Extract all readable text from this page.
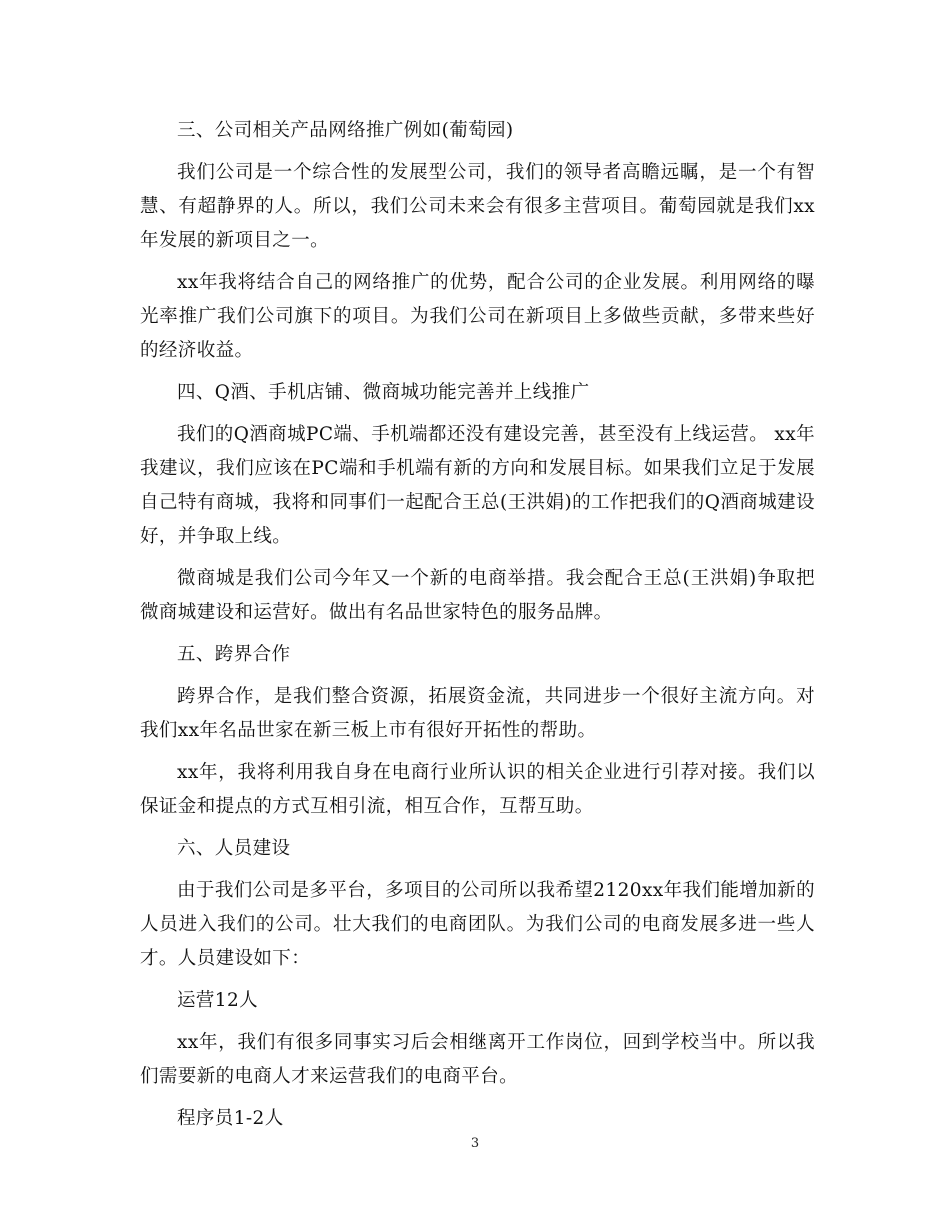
三、公司相关产品网络推广例如(葡萄园)

我们公司是一个综合性的发展型公司，我们的领导者高瞻远瞩，是一个有智慧、有超静界的人。所以，我们公司未来会有很多主营项目。葡萄园就是我们xx年发展的新项目之一。

xx年我将结合自己的网络推广的优势，配合公司的企业发展。利用网络的曝光率推广我们公司旗下的项目。为我们公司在新项目上多做些贡献，多带来些好的经济收益。

四、Q酒、手机店铺、微商城功能完善并上线推广

我们的Q酒商城PC端、手机端都还没有建设完善，甚至没有上线运营。 xx年我建议，我们应该在PC端和手机端有新的方向和发展目标。如果我们立足于发展自己特有商城，我将和同事们一起配合王总(王洪娟)的工作把我们的Q酒商城建设好，并争取上线。

微商城是我们公司今年又一个新的电商举措。我会配合王总(王洪娟)争取把微商城建设和运营好。做出有名品世家特色的服务品牌。

五、跨界合作

跨界合作，是我们整合资源，拓展资金流，共同进步一个很好主流方向。对我们xx年名品世家在新三板上市有很好开拓性的帮助。

xx年，我将利用我自身在电商行业所认识的相关企业进行引荐对接。我们以保证金和提点的方式互相引流，相互合作，互帮互助。

六、人员建设

由于我们公司是多平台，多项目的公司所以我希望2120xx年我们能增加新的人员进入我们的公司。壮大我们的电商团队。为我们公司的电商发展多进一些人才。人员建设如下：

运营12人

xx年，我们有很多同事实习后会相继离开工作岗位，回到学校当中。所以我们需要新的电商人才来运营我们的电商平台。

程序员1-2人

3
